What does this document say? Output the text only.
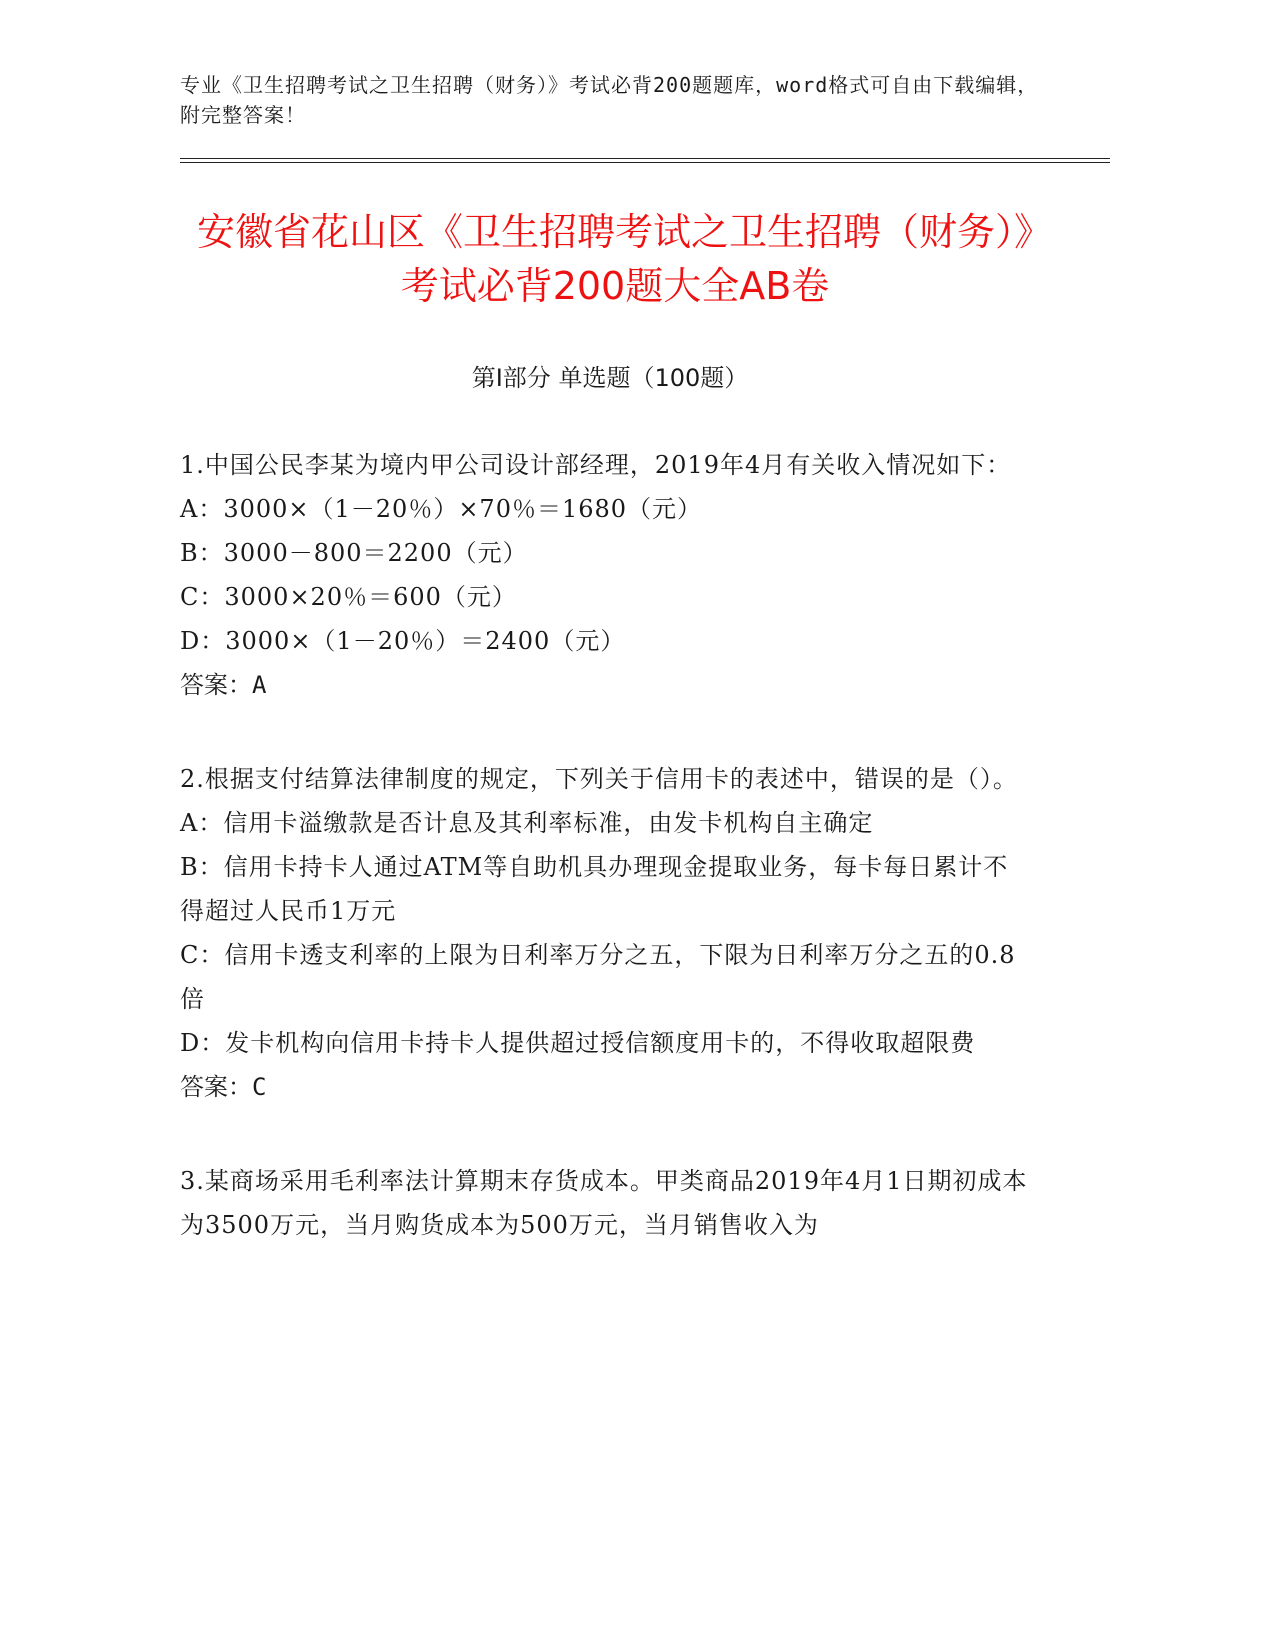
专业《卫生招聘考试之卫生招聘（财务）》考试必背200题题库，word格式可自由下载编辑，附完整答案！

安徽省花山区《卫生招聘考试之卫生招聘（财务）》考试必背200题大全AB卷
第I部分 单选题（100题）

1.中国公民李某为境内甲公司设计部经理，2019年4月有关收入情况如下：

A：3000×（1－20％）×70％＝1680（元）

B：3000－800＝2200（元）

C：3000×20％＝600（元）

D：3000×（1－20％）＝2400（元）

答案：A

2.根据支付结算法律制度的规定，下列关于信用卡的表述中，错误的是（）。

A：信用卡溢缴款是否计息及其利率标准，由发卡机构自主确定

B：信用卡持卡人通过ATM等自助机具办理现金提取业务，每卡每日累计不得超过人民币1万元

C：信用卡透支利率的上限为日利率万分之五，下限为日利率万分之五的0.8倍

D：发卡机构向信用卡持卡人提供超过授信额度用卡的，不得收取超限费

答案：C

3.某商场采用毛利率法计算期末存货成本。甲类商品2019年4月1日期初成本为3500万元，当月购货成本为500万元，当月销售收入为
